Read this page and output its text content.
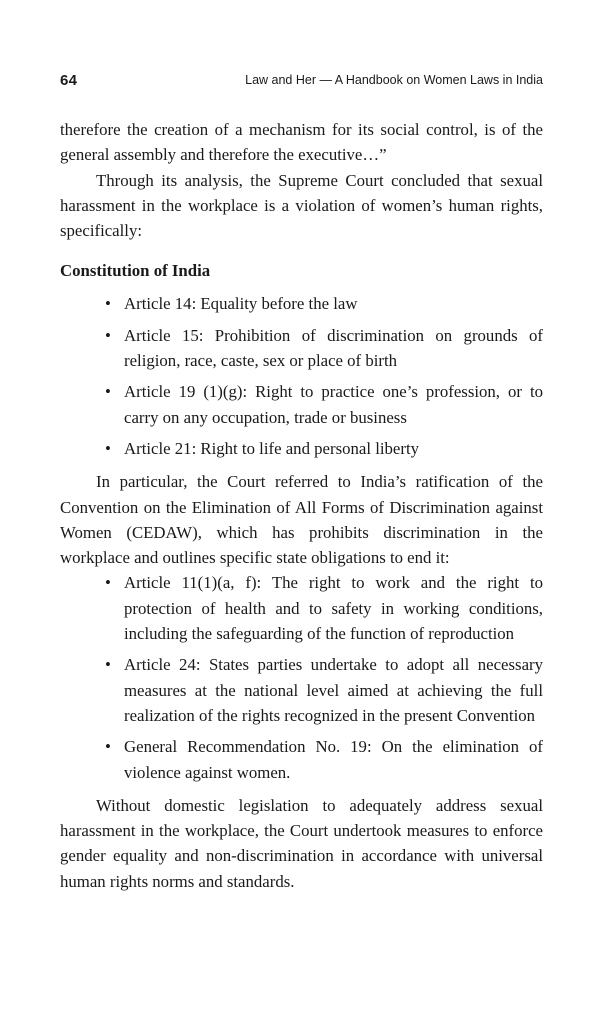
64	Law and Her — A Handbook on Women Laws in India

therefore the creation of a mechanism for its social control, is of the general assembly and therefore the executive…”

Through its analysis, the Supreme Court concluded that sexual harassment in the workplace is a violation of women’s human rights, specifically:

Constitution of India
• Article 14: Equality before the law
• Article 15: Prohibition of discrimination on grounds of religion, race, caste, sex or place of birth
• Article 19 (1)(g): Right to practice one’s profession, or to carry on any occupation, trade or business
• Article 21: Right to life and personal liberty

In particular, the Court referred to India’s ratification of the Convention on the Elimination of All Forms of Discrimination against Women (CEDAW), which has prohibits discrimination in the workplace and outlines specific state obligations to end it:

• Article 11(1)(a, f): The right to work and the right to protection of health and to safety in working conditions, including the safeguarding of the function of reproduction
• Article 24: States parties undertake to adopt all necessary measures at the national level aimed at achieving the full realization of the rights recognized in the present Convention
• General Recommendation No. 19: On the elimination of violence against women.

Without domestic legislation to adequately address sexual harassment in the workplace, the Court undertook measures to enforce gender equality and non-discrimination in accordance with universal human rights norms and standards.
